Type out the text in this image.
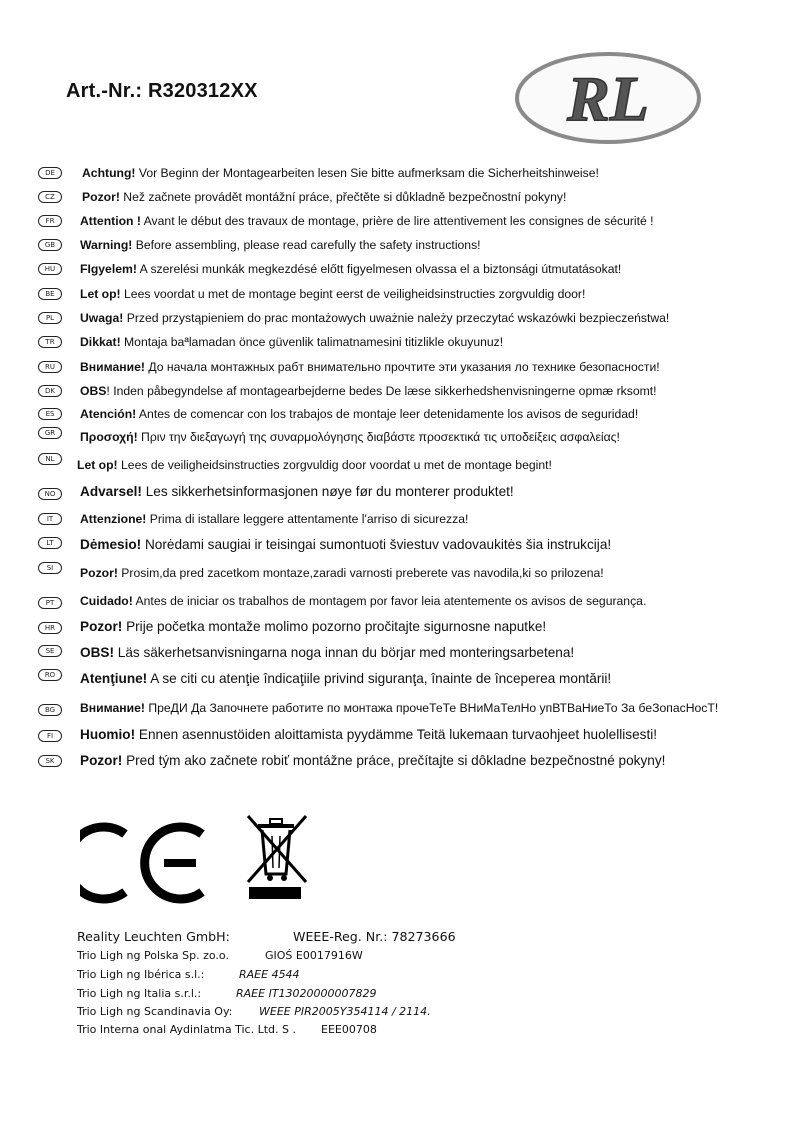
Art.-Nr.: R320312XX	RL
DE	Achtung! Vor Beginn der Montagearbeiten lesen Sie bitte aufmerksam die Sicherheitshinweise!
CZ	Pozor! Než začnete provádět montážní práce, přečtěte si důkladně bezpečnostní pokyny!
FR	Attention ! Avant le début des travaux de montage, prière de lire attentivement les consignes de sécurité !
GB	Warning! Before assembling, please read carefully the safety instructions!
HU	FIgyelem! A szerelési munkák megkezdésé előtt figyelmesen olvassa el a biztonsági útmutatásokat!
BE	Let op! Lees voordat u met de montage begint eerst de veiligheidsinstructies zorgvuldig door!
PL	Uwaga! Przed przystąpieniem do prac montażowych uważnie należy przeczytać wskazówki bezpieczeństwa!
TR	Dikkat! Montaja baªlamadan önce güvenlik talimatnamesini titizlikle okuyunuz!
RU	Внимание! До начала монтажных рабт внимательно прочтите эти указания ло технике безопасности!
DK	OBS! Inden påbegyndelse af montagearbejderne bedes De læse sikkerhedshenvisningerne opmæ rksomt!
ES	Atención! Antes de comencar con los trabajos de montaje leer detenidamente los avisos de seguridad!
GR	Προσοχή! Πριν την διεξαγωγή της συναρμολόγησης διαβάστε προσεκτικά τις υποδείξεις ασφαλείας!
NL	Let op! Lees de veiligheidsinstructies zorgvuldig door voordat u met de montage begint!
NO	Advarsel! Les sikkerhetsinformasjonen nøye før du monterer produktet!
IT	Attenzione! Prima di istallare leggere attentamente l'arriso di sicurezza!
LT	Dėmesio! Norėdami saugiai ir teisingai sumontuoti šviestuv vadovaukitės šia instrukcija!
SI	Pozor! Prosim,da pred zacetkom montaze,zaradi varnosti preberete vas navodila,ki so prilozena!
PT	Cuidado! Antes de iniciar os trabalhos de montagem por favor leia atentemente os avisos de segurança.
HR	Pozor! Prije početka montaže molimo pozorno pročitajte sigurnosne naputke!
SE	OBS! Läs säkerhetsanvisningarna noga innan du börjar med monteringsarbetena!
RO	Atenţiune! A se citi cu atenţie îndicaţiile privind siguranţa, înainte de începerea montării!
BG	Внимание! ПреДИ Да Започнете работите по монтажа прочеТеТе ВНиМаТелНо упВТВаНиеТо За беЗопасНосТ!
FI	Huomio! Ennen asennustöiden aloittamista pyydämme Teitä lukemaan turvaohjeet huolellisesti!
SK	Pozor! Pred tým ako začnete robiť montážne práce, prečítajte si dôkladne bezpečnostné pokyny!
Reality Leuchten GmbH:	WEEE-Reg. Nr.: 78273666
Trio Ligh ng Polska Sp. zo.o.	GIOŚ E0017916W
Trio Ligh ng Ibérica s.l.:	RAEE 4544
Trio Ligh ng Italia s.r.l.:	RAEE IT13020000007829
Trio Ligh ng Scandinavia Oy: WEEE PIR2005Y354114 / 2114.
Trio Interna onal Aydinlatma Tic. Ltd. S . EEE00708
